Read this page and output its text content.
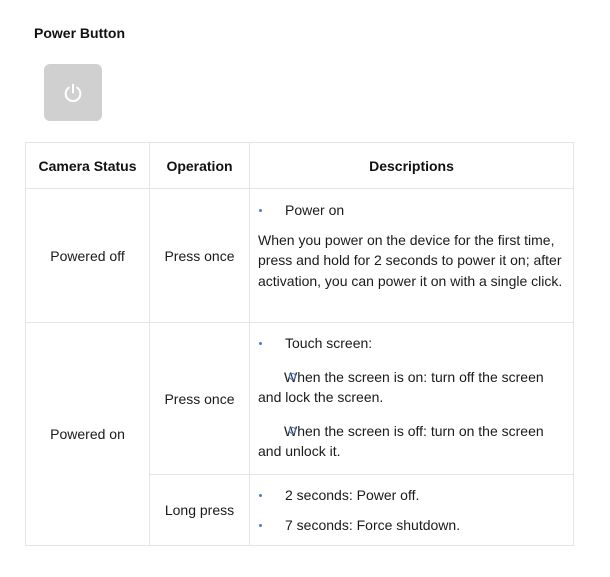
Power Button
Camera Status	Operation	Descriptions
Powered off	Press once	Power on
When you power on the device for the first time, press and hold for 2 seconds to power it on; after activation, you can power it on with a single click.

Powered on	Press once	Touch screen:
When the screen is on: turn off the screen and lock the screen.
When the screen is off: turn on the screen and unlock it.

	Long press	2 seconds: Power off.
7 seconds: Force shutdown.
